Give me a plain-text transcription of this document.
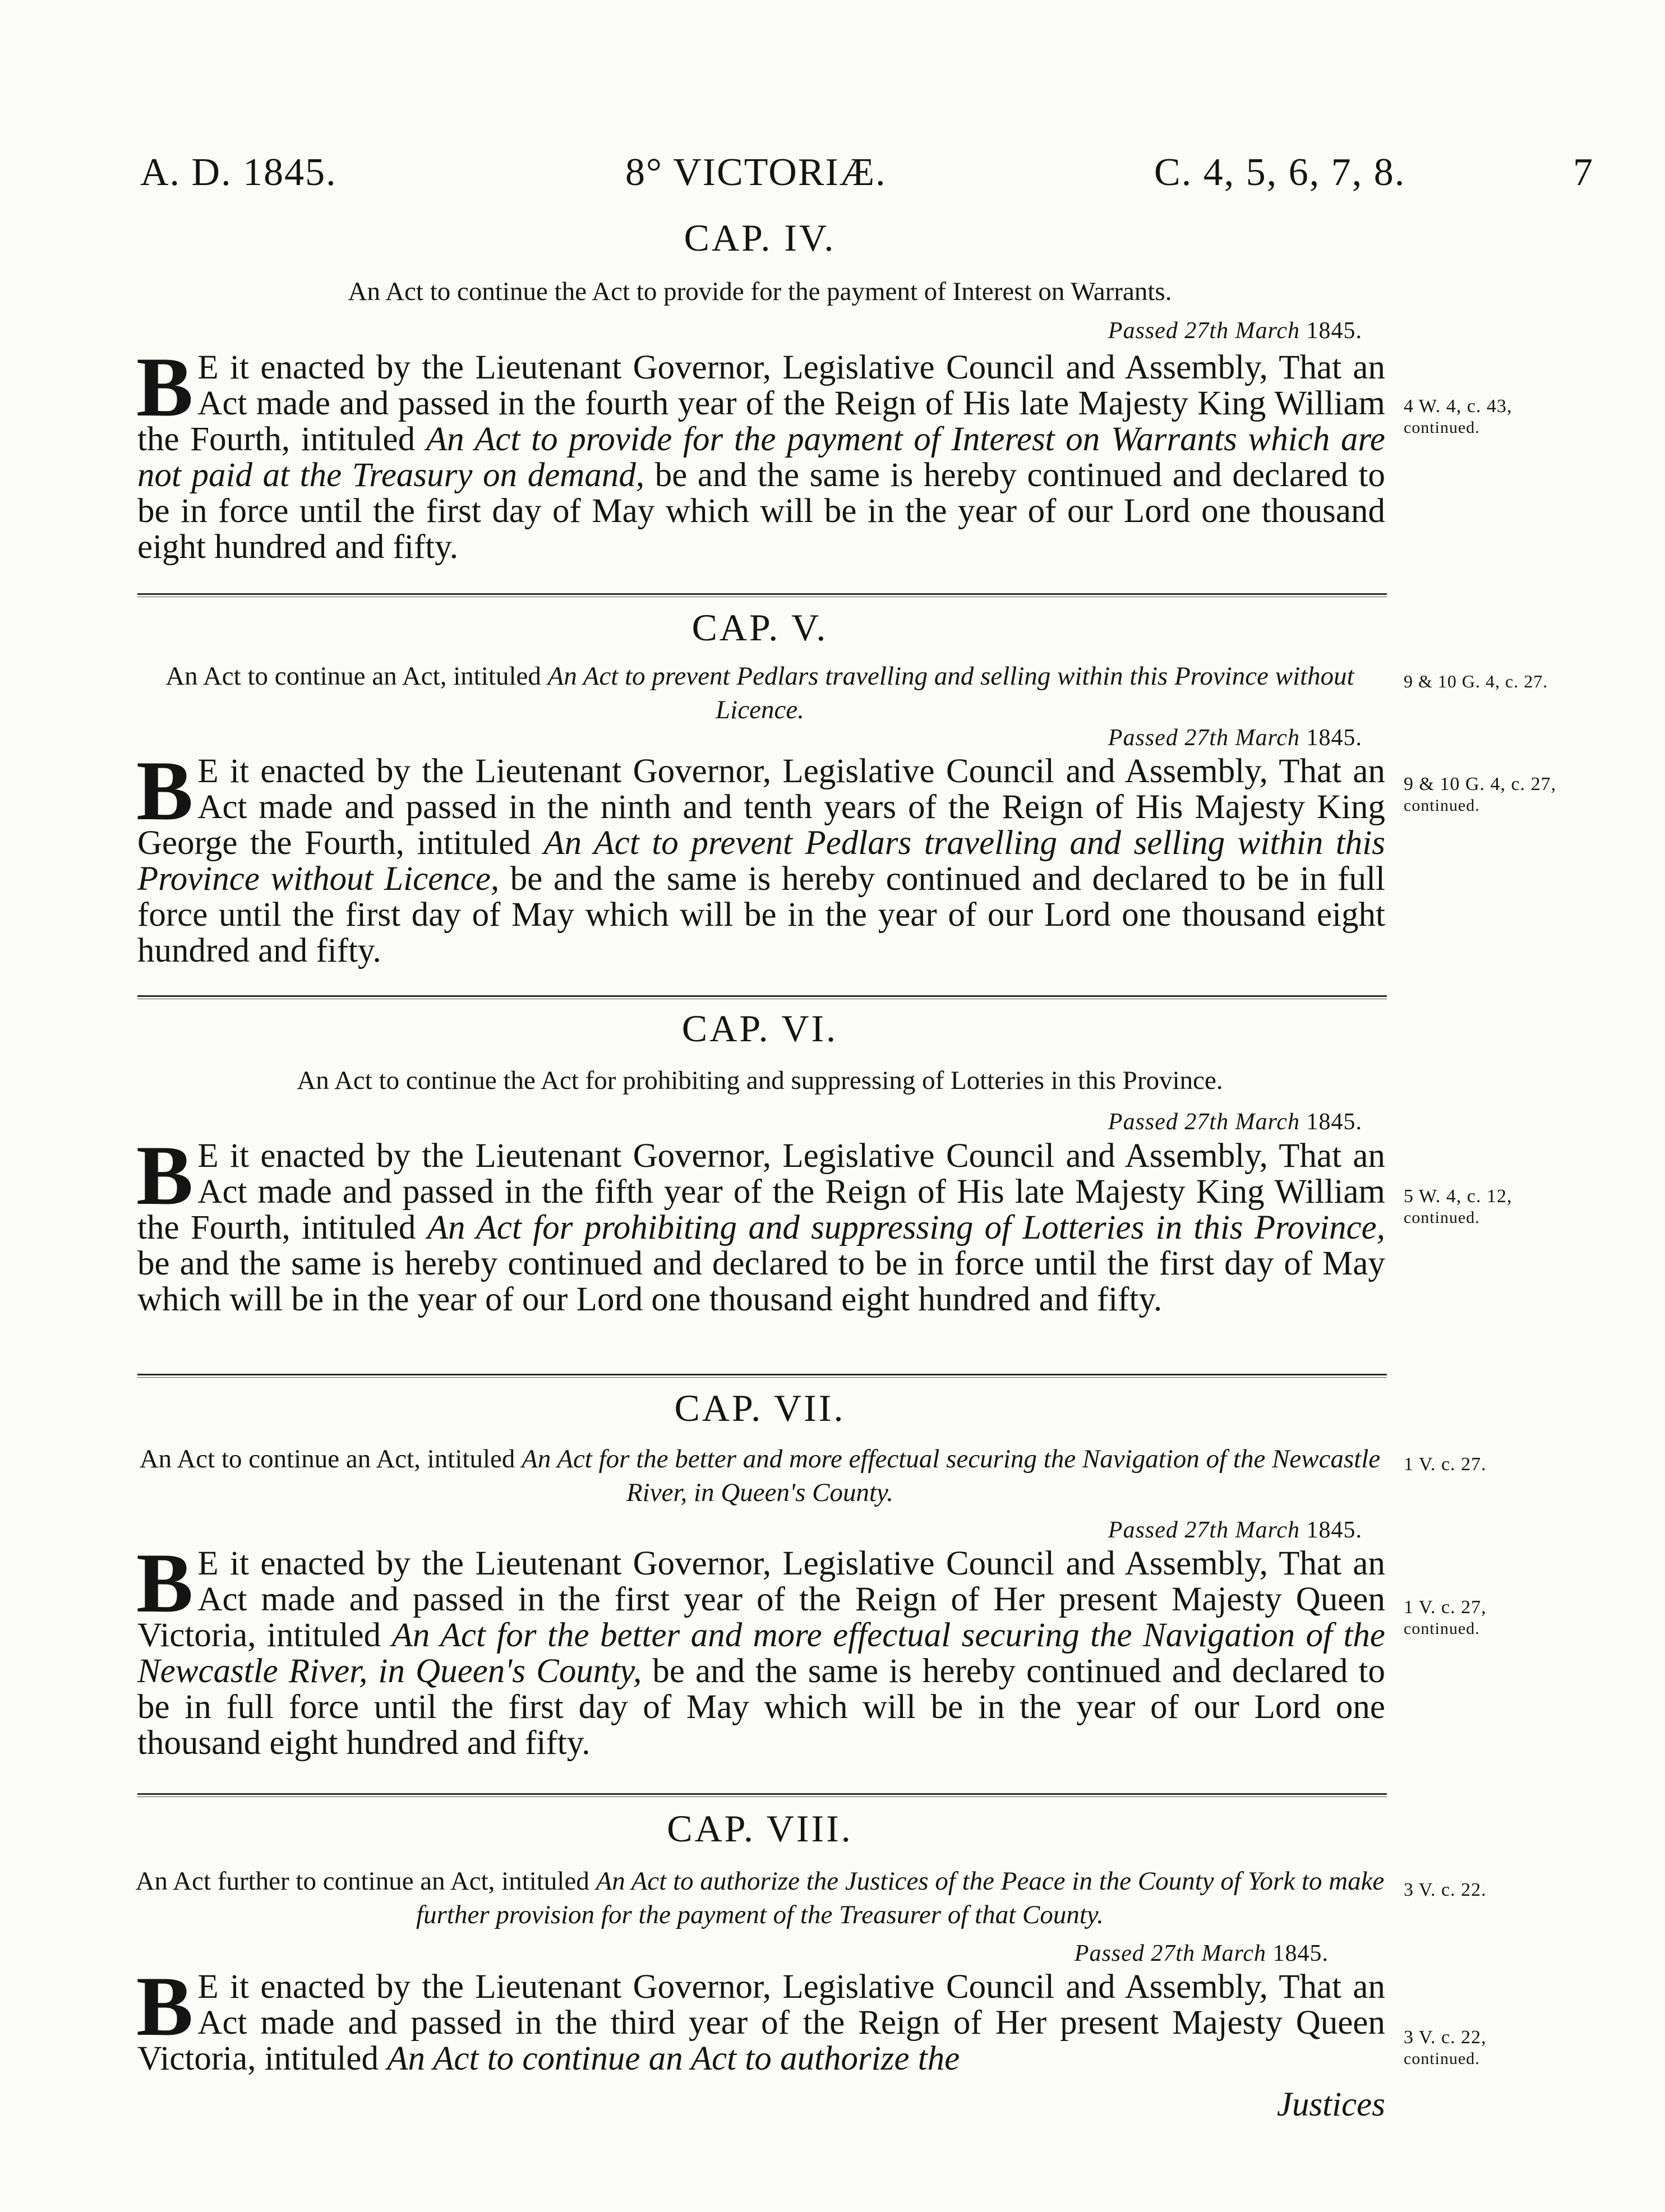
A. D. 1845.	8° VICTORIÆ.	C. 4, 5, 6, 7, 8.	7
CAP. IV.
An Act to continue the Act to provide for the payment of Interest on Warrants.
Passed 27th March 1845.
B E it enacted by the Lieutenant Governor, Legislative Council and Assembly, That an Act made and passed in the fourth year of the Reign of His late Majesty King William the Fourth, intituled An Act to provide for the payment of Interest on Warrants which are not paid at the Treasury on demand, be and the same is hereby continued and declared to be in force until the first day of May which will be in the year of our Lord one thousand eight hundred and fifty.
4 W. 4, c. 43,
continued.
CAP. V.
An Act to continue an Act, intituled An Act to prevent Pedlars travelling and selling within this Province without Licence.
9 & 10 G. 4, c. 27.
Passed 27th March 1845.
B E it enacted by the Lieutenant Governor, Legislative Council and Assembly, That an Act made and passed in the ninth and tenth years of the Reign of His Majesty King George the Fourth, intituled An Act to prevent Pedlars travelling and selling within this Province without Licence, be and the same is hereby continued and declared to be in full force until the first day of May which will be in the year of our Lord one thousand eight hundred and fifty.
9 & 10 G. 4, c. 27,
continued.
CAP. VI.
An Act to continue the Act for prohibiting and suppressing of Lotteries in this Province.
Passed 27th March 1845.
B E it enacted by the Lieutenant Governor, Legislative Council and Assembly, That an Act made and passed in the fifth year of the Reign of His late Majesty King William the Fourth, intituled An Act for prohibiting and suppressing of Lotteries in this Province, be and the same is hereby continued and declared to be in force until the first day of May which will be in the year of our Lord one thousand eight hundred and fifty.
5 W. 4, c. 12,
continued.
CAP. VII.
An Act to continue an Act, intituled An Act for the better and more effectual securing the Navigation of the Newcastle River, in Queen's County.
1 V. c. 27.
Passed 27th March 1845.
B E it enacted by the Lieutenant Governor, Legislative Council and Assembly, That an Act made and passed in the first year of the Reign of Her present Majesty Queen Victoria, intituled An Act for the better and more effectual securing the Navigation of the Newcastle River, in Queen's County, be and the same is hereby continued and declared to be in full force until the first day of May which will be in the year of our Lord one thousand eight hundred and fifty.
1 V. c. 27,
continued.
CAP. VIII.
An Act further to continue an Act, intituled An Act to authorize the Justices of the Peace in the County of York to make further provision for the payment of the Treasurer of that County.
3 V. c. 22.
Passed 27th March 1845.
B E it enacted by the Lieutenant Governor, Legislative Council and Assembly, That an Act made and passed in the third year of the Reign of Her present Majesty Queen Victoria, intituled An Act to continue an Act to authorize the
Justices
3 V. c. 22,
continued.
